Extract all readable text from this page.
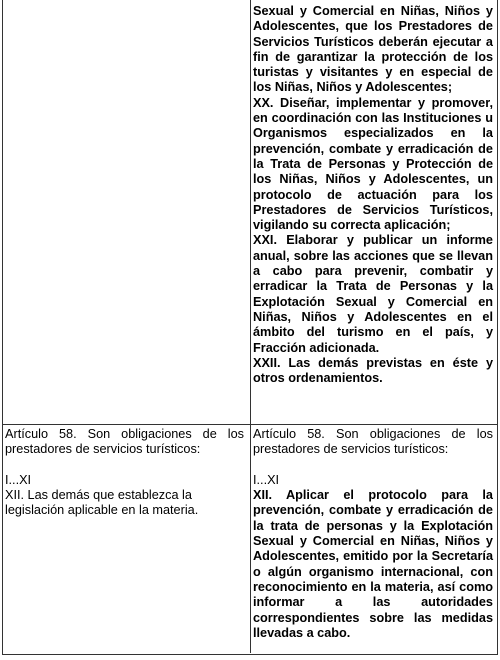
Sexual y Comercial en Niñas, Niños y Adolescentes, que los Prestadores de Servicios Turísticos deberán ejecutar a fin de garantizar la protección de los turistas y visitantes y en especial de los Niñas, Niños y Adolescentes;

XX. Diseñar, implementar y promover, en coordinación con las Instituciones u Organismos especializados en la prevención, combate y erradicación de la Trata de Personas y Protección de los Niñas, Niños y Adolescentes, un protocolo de actuación para los Prestadores de Servicios Turísticos, vigilando su correcta aplicación;

XXI. Elaborar y publicar un informe anual, sobre las acciones que se llevan a cabo para prevenir, combatir y erradicar la Trata de Personas y la Explotación Sexual y Comercial en Niñas, Niños y Adolescentes en el ámbito del turismo en el país, y Fracción adicionada.

XXII. Las demás previstas en éste y otros ordenamientos.

Artículo 58. Son obligaciones de los prestadores de servicios turísticos:

I...XI

XII. Las demás que establezca la legislación aplicable en la materia.

Artículo 58. Son obligaciones de los prestadores de servicios turísticos:

I...XI

XII. Aplicar el protocolo para la prevención, combate y erradicación de la trata de personas y la Explotación Sexual y Comercial en Niñas, Niños y Adolescentes, emitido por la Secretaría o algún organismo internacional, con reconocimiento en la materia, así como informar a las autoridades correspondientes sobre las medidas llevadas a cabo.
